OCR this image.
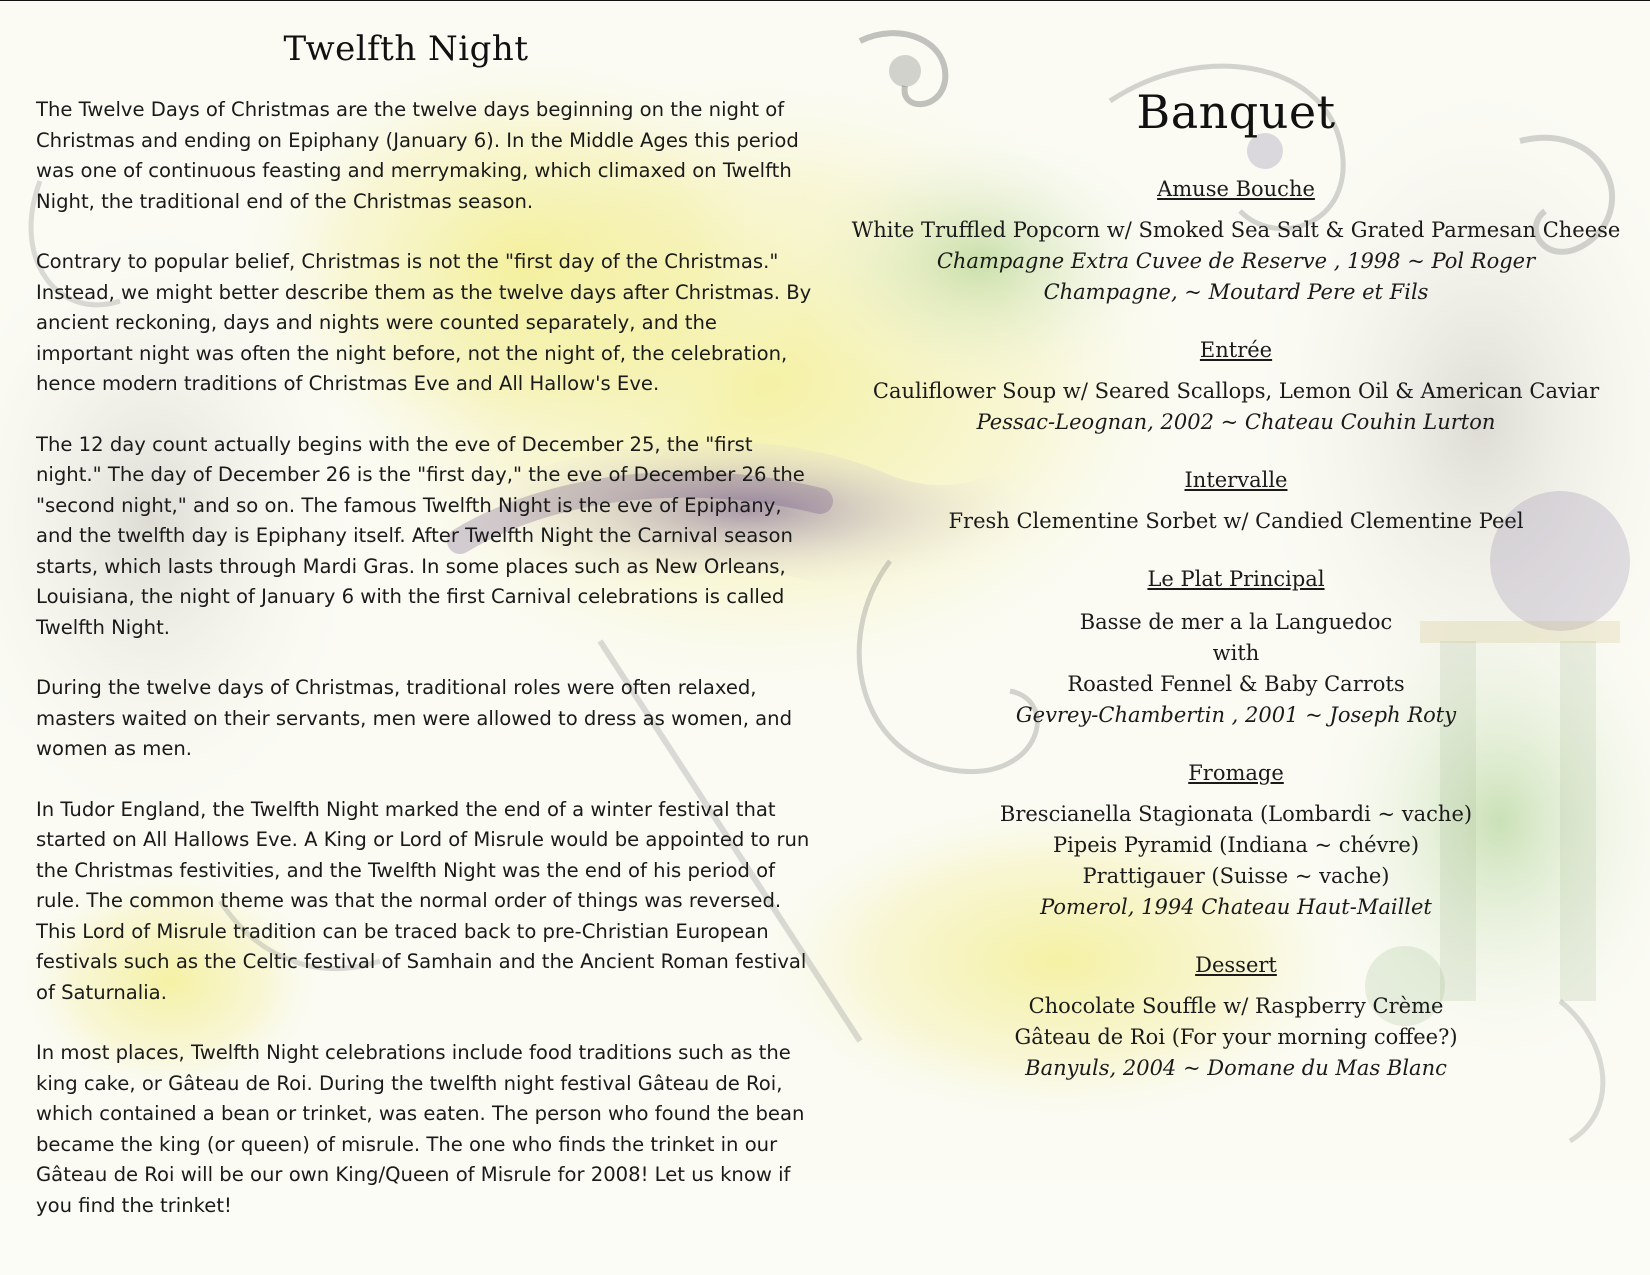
Twelfth Night

The Twelve Days of Christmas are the twelve days beginning on the night of Christmas and ending on Epiphany (January 6). In the Middle Ages this period was one of continuous feasting and merrymaking, which climaxed on Twelfth Night, the traditional end of the Christmas season.

Contrary to popular belief, Christmas is not the "first day of the Christmas." Instead, we might better describe them as the twelve days after Christmas. By ancient reckoning, days and nights were counted separately, and the important night was often the night before, not the night of, the celebration, hence modern traditions of Christmas Eve and All Hallow's Eve.

The 12 day count actually begins with the eve of December 25, the "first night." The day of December 26 is the "first day," the eve of December 26 the "second night," and so on. The famous Twelfth Night is the eve of Epiphany, and the twelfth day is Epiphany itself. After Twelfth Night the Carnival season starts, which lasts through Mardi Gras. In some places such as New Orleans, Louisiana, the night of January 6 with the first Carnival celebrations is called Twelfth Night.

During the twelve days of Christmas, traditional roles were often relaxed, masters waited on their servants, men were allowed to dress as women, and women as men.

In Tudor England, the Twelfth Night marked the end of a winter festival that started on All Hallows Eve. A King or Lord of Misrule would be appointed to run the Christmas festivities, and the Twelfth Night was the end of his period of rule. The common theme was that the normal order of things was reversed. This Lord of Misrule tradition can be traced back to pre-Christian European festivals such as the Celtic festival of Samhain and the Ancient Roman festival of Saturnalia.

In most places, Twelfth Night celebrations include food traditions such as the king cake, or Gâteau de Roi. During the twelfth night festival Gâteau de Roi, which contained a bean or trinket, was eaten. The person who found the bean became the king (or queen) of misrule. The one who finds the trinket in our Gâteau de Roi will be our own King/Queen of Misrule for 2008! Let us know if you find the trinket!

Banquet
Amuse Bouche
White Truffled Popcorn w/ Smoked Sea Salt & Grated Parmesan Cheese
Champagne Extra Cuvee de Reserve , 1998 ~ Pol Roger
Champagne, ~ Moutard Pere et Fils
Entrée
Cauliflower Soup w/ Seared Scallops, Lemon Oil & American Caviar
Pessac-Leognan, 2002 ~ Chateau Couhin Lurton
Intervalle
Fresh Clementine Sorbet w/ Candied Clementine Peel
Le Plat Principal
Basse de mer a la Languedoc
with
Roasted Fennel & Baby Carrots
Gevrey-Chambertin , 2001 ~ Joseph Roty
Fromage
Brescianella Stagionata (Lombardi ~ vache)
Pipeis Pyramid (Indiana ~ chévre)
Prattigauer (Suisse ~ vache)
Pomerol, 1994 Chateau Haut-Maillet
Dessert
Chocolate Souffle w/ Raspberry Crème
Gâteau de Roi (For your morning coffee?)
Banyuls, 2004 ~ Domane du Mas Blanc
